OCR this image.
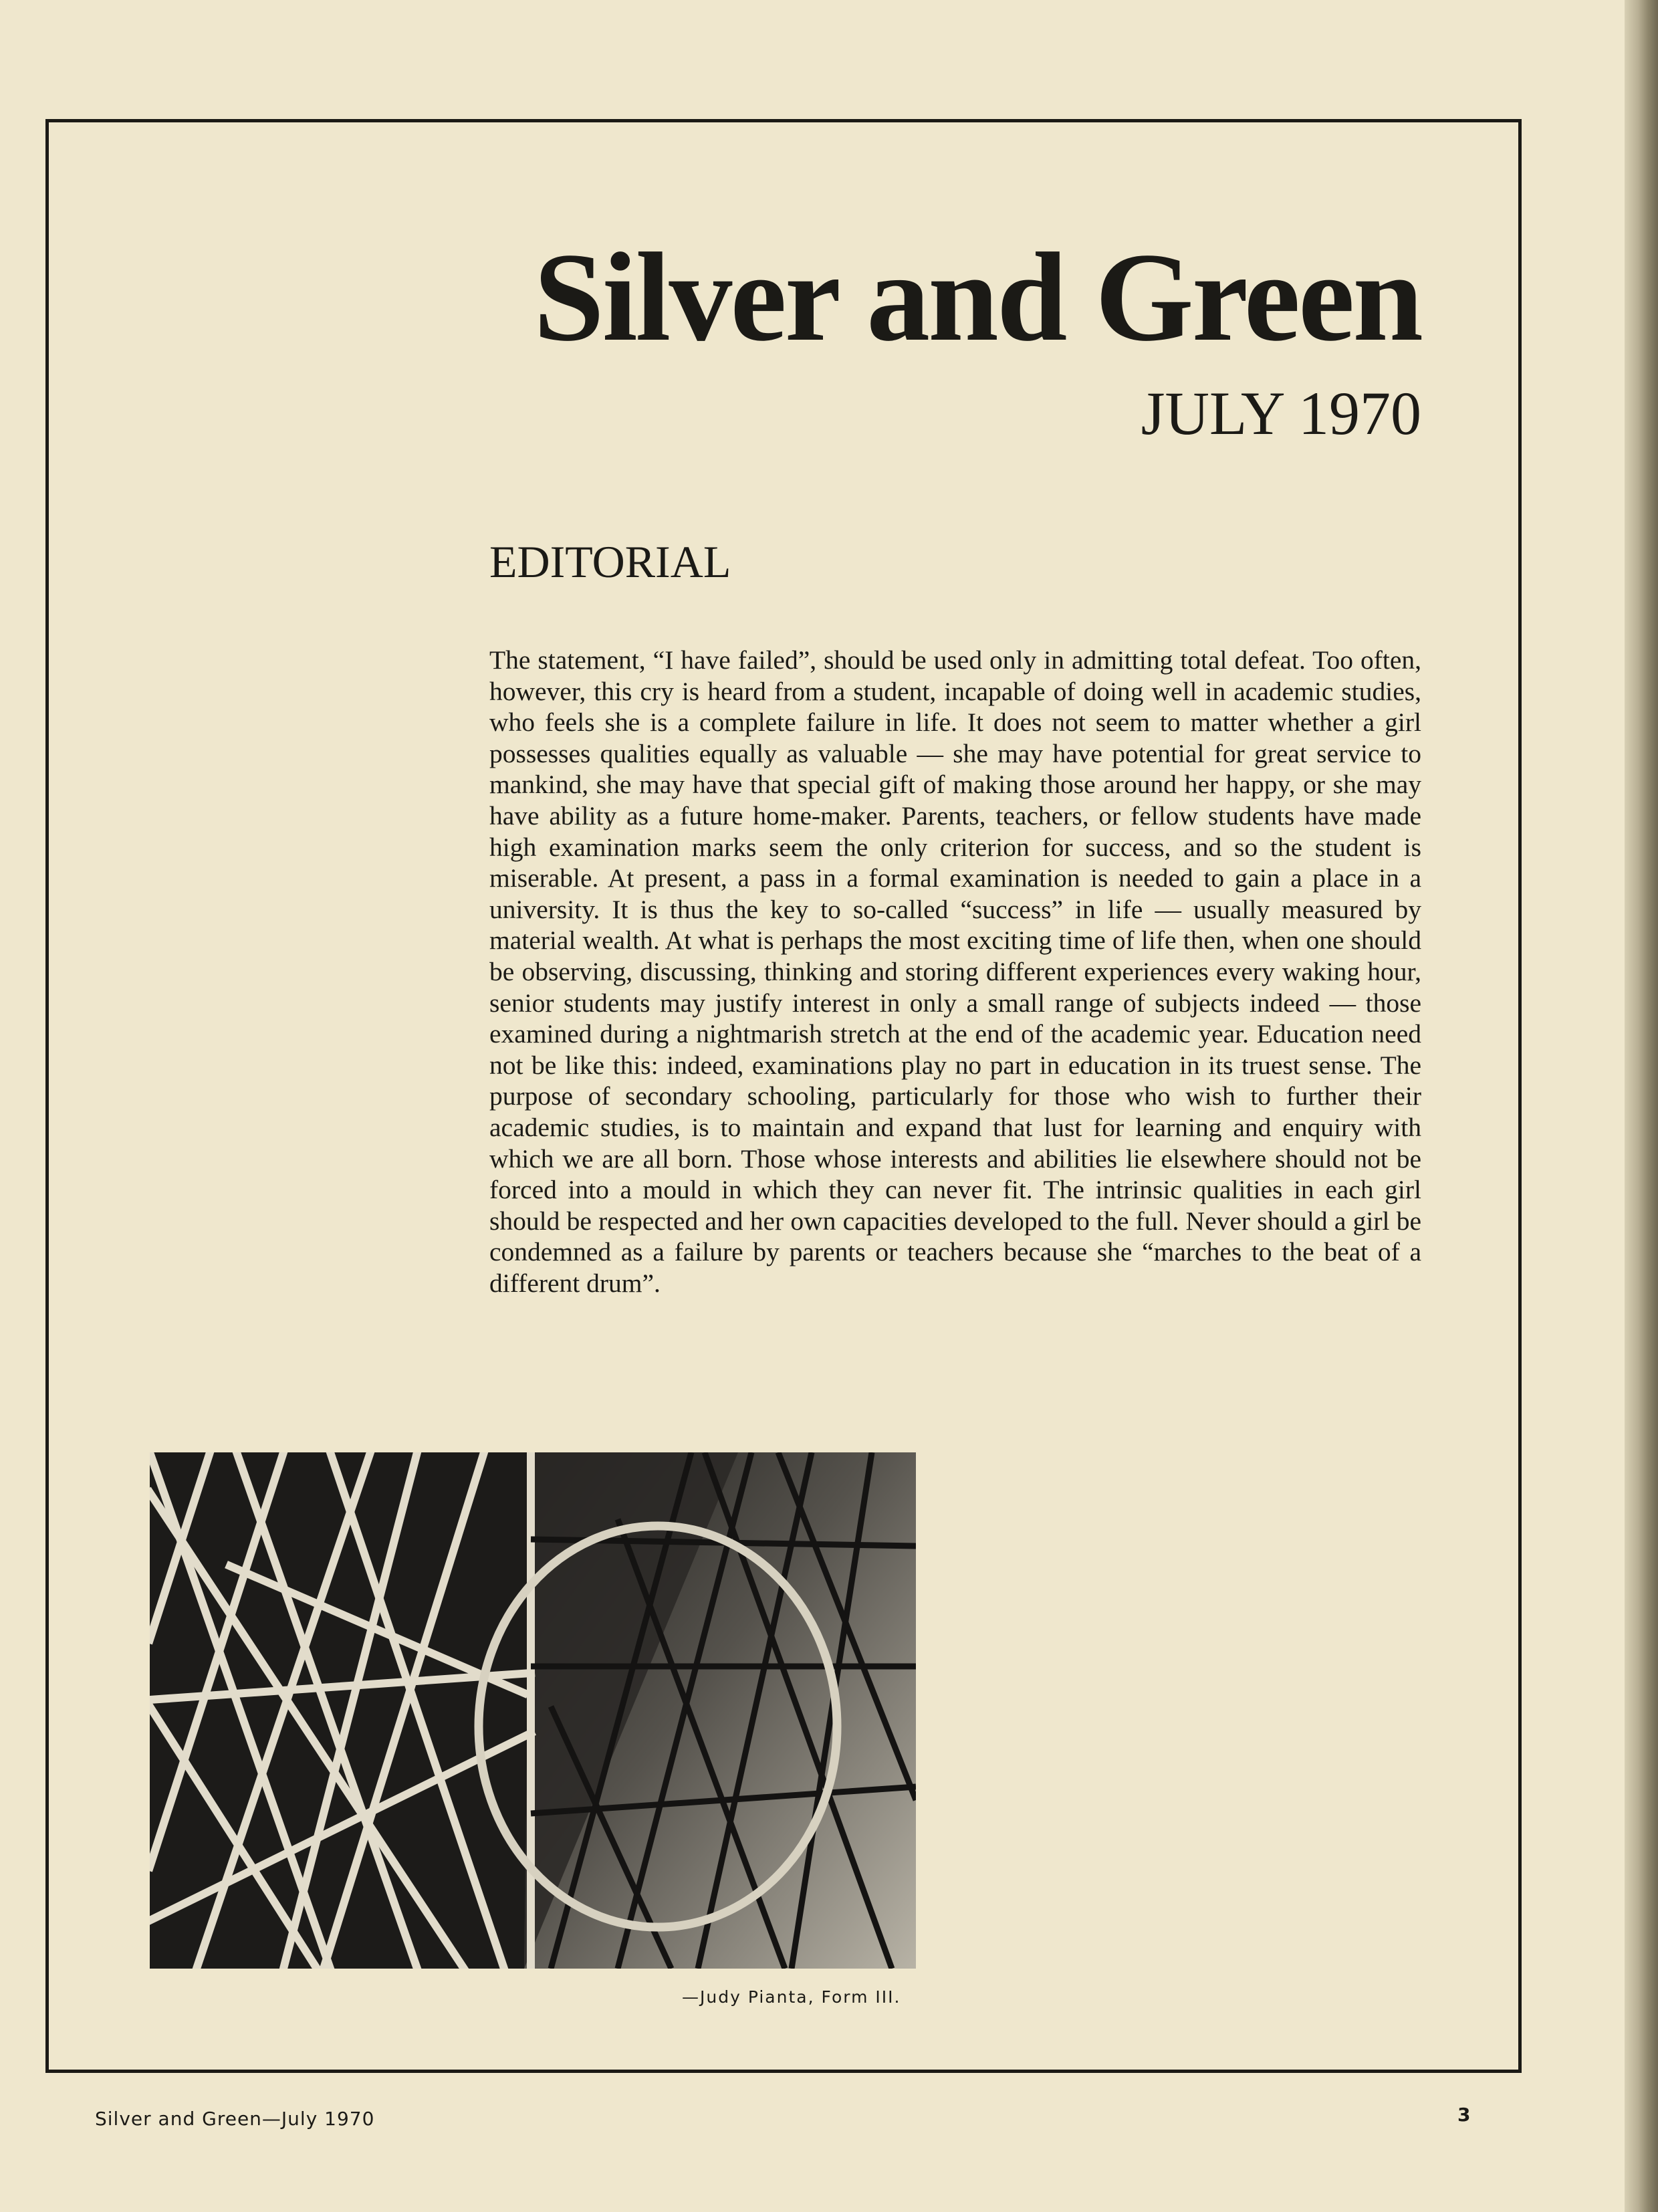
Silver and Green
JULY 1970
EDITORIAL

The statement, “I have failed”, should be used only in admitting total defeat. Too often, however, this cry is heard from a student, incapable of doing well in academic studies, who feels she is a complete failure in life. It does not seem to matter whether a girl possesses qualities equally as valuable — she may have potential for great service to mankind, she may have that special gift of making those around her happy, or she may have ability as a future home-maker. Parents, teachers, or fellow students have made high examination marks seem the only criterion for success, and so the student is miserable. At present, a pass in a formal examination is needed to gain a place in a university. It is thus the key to so-called “success” in life — usually measured by material wealth. At what is perhaps the most exciting time of life then, when one should be observing, discussing, thinking and storing different experiences every waking hour, senior students may justify interest in only a small range of subjects indeed — those examined during a nightmarish stretch at the end of the academic year. Education need not be like this: indeed, examinations play no part in education in its truest sense. The purpose of secondary schooling, particularly for those who wish to further their academic studies, is to maintain and expand that lust for learning and enquiry with which we are all born. Those whose interests and abilities lie elsewhere should not be forced into a mould in which they can never fit. The intrinsic qualities in each girl should be respected and her own capacities developed to the full. Never should a girl be condemned as a failure by parents or teachers because she “marches to the beat of a different drum”.

—Judy Pianta, Form III.
Silver and Green—July 1970	3
